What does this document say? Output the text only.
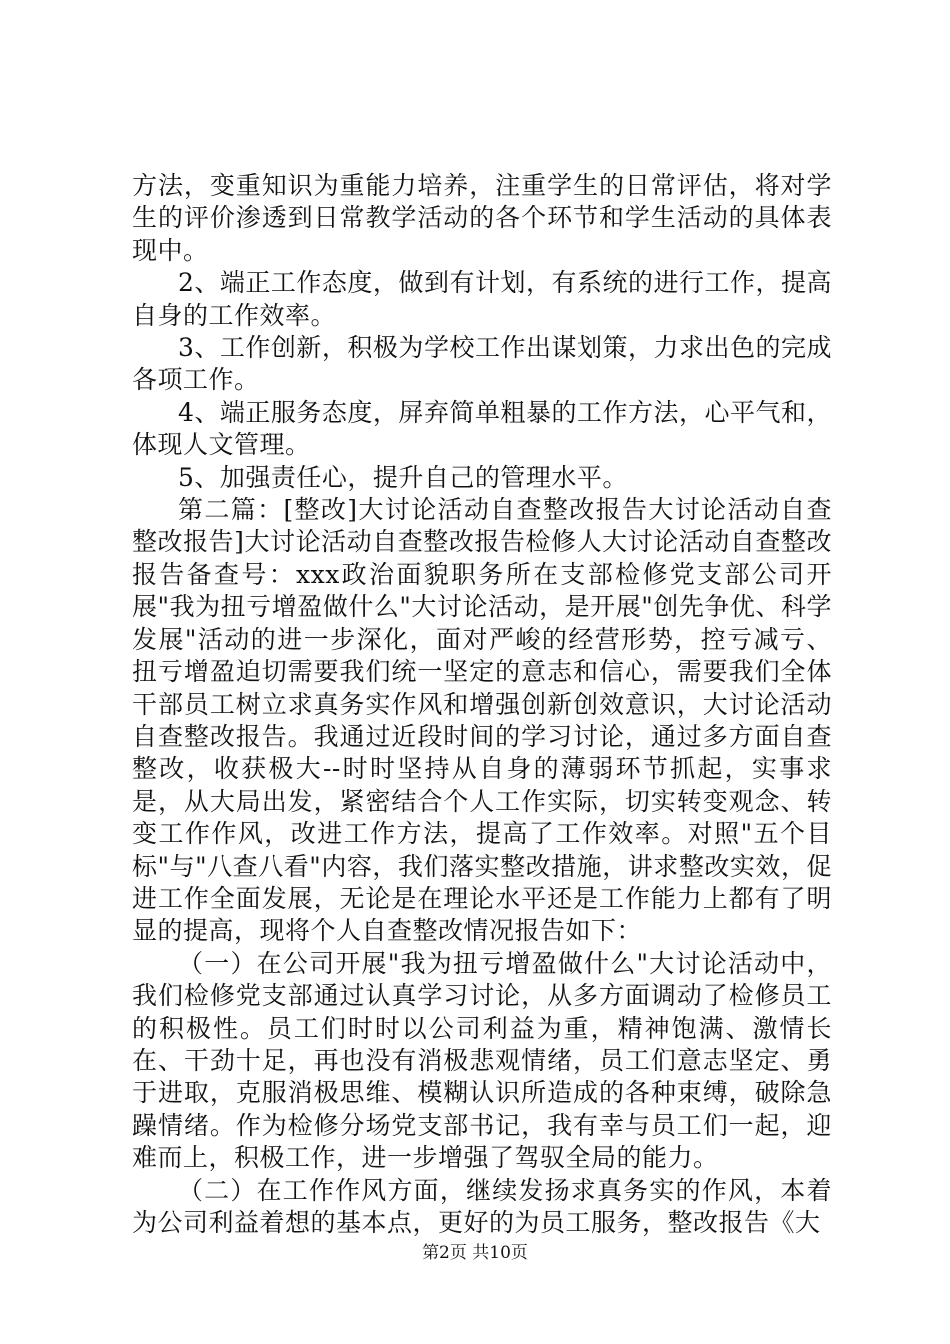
方法，变重知识为重能力培养，注重学生的日常评估，将对学生的评价渗透到日常教学活动的各个环节和学生活动的具体表现中。

2、端正工作态度，做到有计划，有系统的进行工作，提高自身的工作效率。

3、工作创新，积极为学校工作出谋划策，力求出色的完成各项工作。

4、端正服务态度，屏弃简单粗暴的工作方法，心平气和，体现人文管理。

5、加强责任心，提升自己的管理水平。

第二篇：[整改]大讨论活动自查整改报告大讨论活动自查整改报告]大讨论活动自查整改报告检修人大讨论活动自查整改报告备查号：xxx政治面貌职务所在支部检修党支部公司开展"我为扭亏增盈做什么"大讨论活动，是开展"创先争优、科学发展"活动的进一步深化，面对严峻的经营形势，控亏减亏、扭亏增盈迫切需要我们统一坚定的意志和信心，需要我们全体干部员工树立求真务实作风和增强创新创效意识，大讨论活动自查整改报告。我通过近段时间的学习讨论，通过多方面自查整改，收获极大--时时坚持从自身的薄弱环节抓起，实事求是，从大局出发，紧密结合个人工作实际，切实转变观念、转变工作作风，改进工作方法，提高了工作效率。对照"五个目标"与"八查八看"内容，我们落实整改措施，讲求整改实效，促进工作全面发展，无论是在理论水平还是工作能力上都有了明显的提高，现将个人自查整改情况报告如下：

（一）在公司开展"我为扭亏增盈做什么"大讨论活动中，我们检修党支部通过认真学习讨论，从多方面调动了检修员工的积极性。员工们时时以公司利益为重，精神饱满、激情长在、干劲十足，再也没有消极悲观情绪，员工们意志坚定、勇于进取，克服消极思维、模糊认识所造成的各种束缚，破除急躁情绪。作为检修分场党支部书记，我有幸与员工们一起，迎难而上，积极工作，进一步增强了驾驭全局的能力。

（二）在工作作风方面，继续发扬求真务实的作风，本着为公司利益着想的基本点，更好的为员工服务，整改报告《大

第2页 共10页
